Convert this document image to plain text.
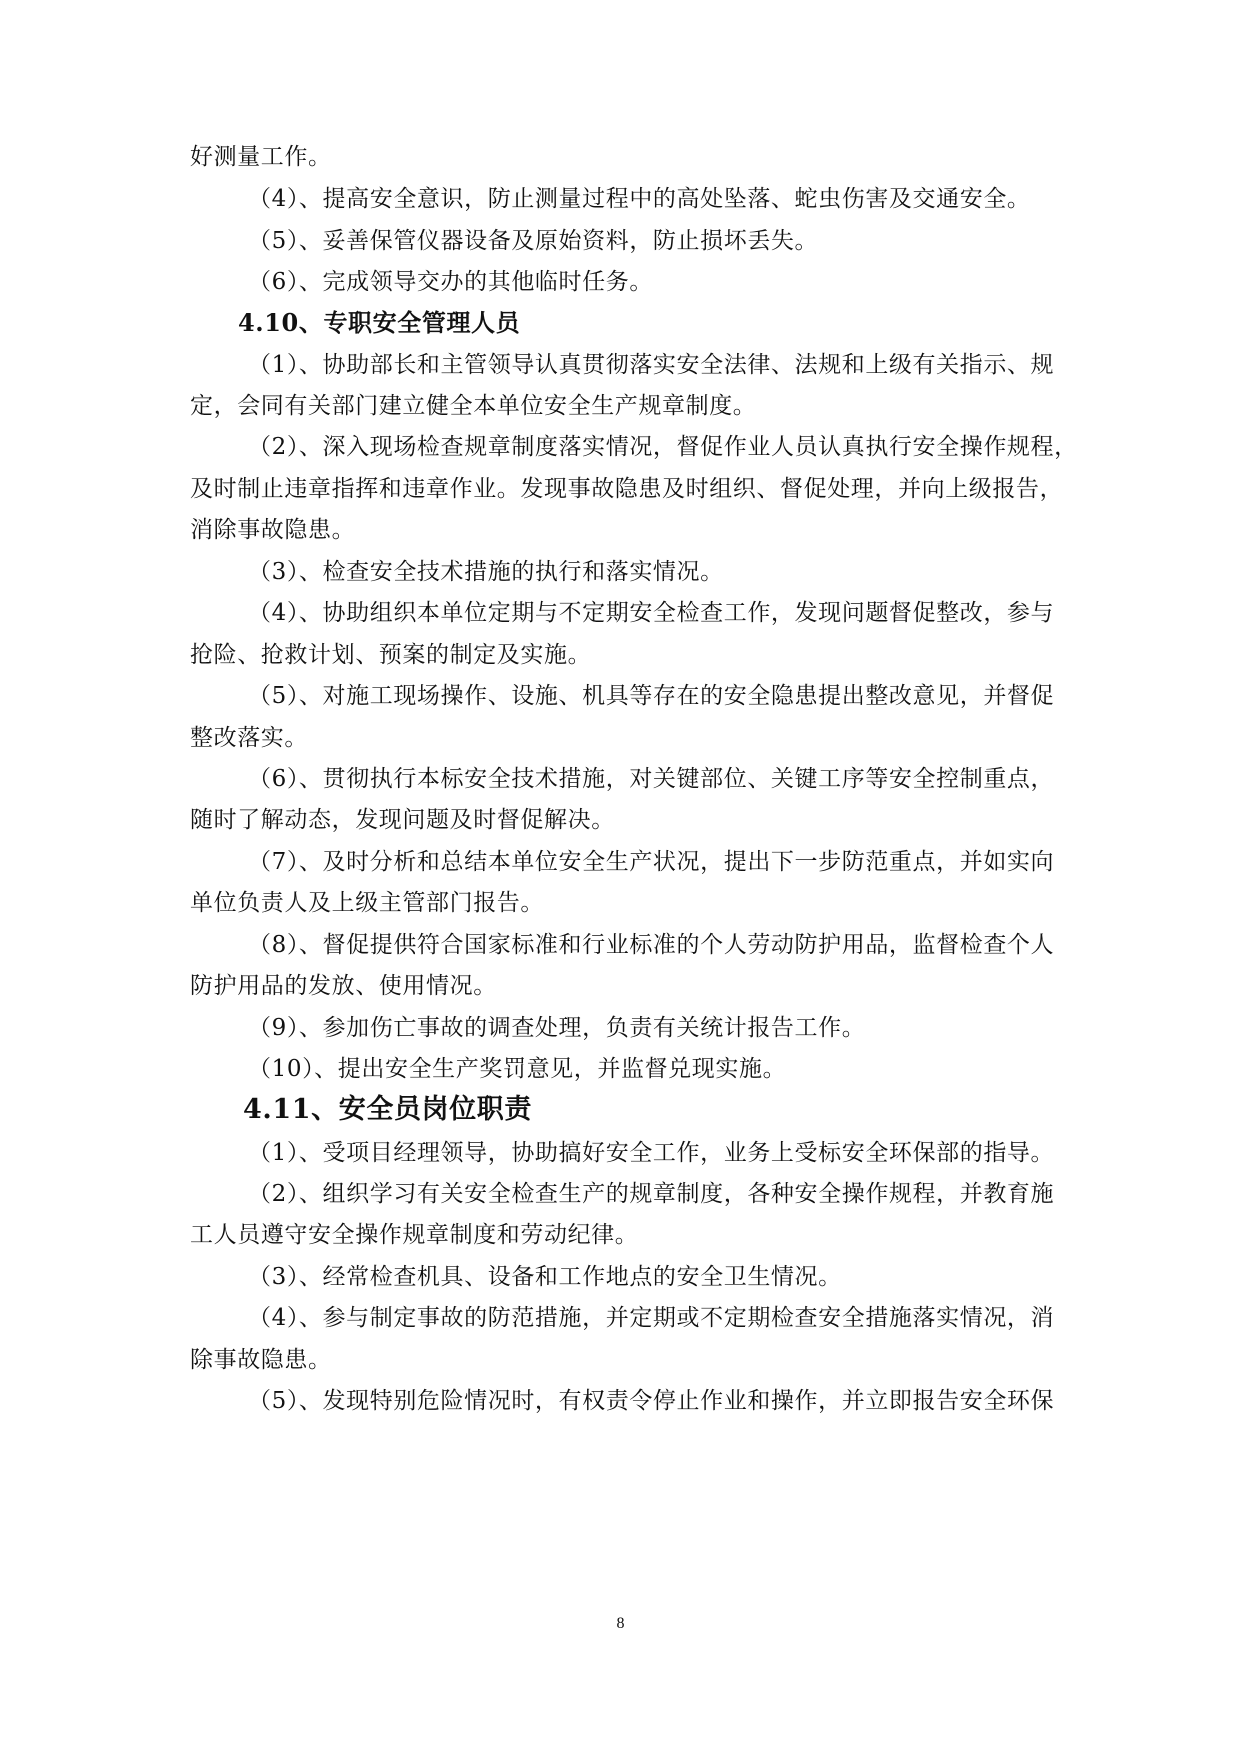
好测量工作。
（4）、提高安全意识，防止测量过程中的高处坠落、蛇虫伤害及交通安全。
（5）、妥善保管仪器设备及原始资料，防止损坏丢失。
（6）、完成领导交办的其他临时任务。
4.10、专职安全管理人员
（1）、协助部长和主管领导认真贯彻落实安全法律、法规和上级有关指示、规
定，会同有关部门建立健全本单位安全生产规章制度。
（2）、深入现场检查规章制度落实情况，督促作业人员认真执行安全操作规程，
及时制止违章指挥和违章作业。发现事故隐患及时组织、督促处理，并向上级报告，
消除事故隐患。
（3）、检查安全技术措施的执行和落实情况。
（4）、协助组织本单位定期与不定期安全检查工作，发现问题督促整改，参与
抢险、抢救计划、预案的制定及实施。
（5）、对施工现场操作、设施、机具等存在的安全隐患提出整改意见，并督促
整改落实。
（6）、贯彻执行本标安全技术措施，对关键部位、关键工序等安全控制重点，
随时了解动态，发现问题及时督促解决。
（7）、及时分析和总结本单位安全生产状况，提出下一步防范重点，并如实向
单位负责人及上级主管部门报告。
（8）、督促提供符合国家标准和行业标准的个人劳动防护用品，监督检查个人
防护用品的发放、使用情况。
（9）、参加伤亡事故的调查处理，负责有关统计报告工作。
（10）、提出安全生产奖罚意见，并监督兑现实施。
4.11、安全员岗位职责
（1）、受项目经理领导，协助搞好安全工作，业务上受标安全环保部的指导。
（2）、组织学习有关安全检查生产的规章制度，各种安全操作规程，并教育施
工人员遵守安全操作规章制度和劳动纪律。
（3）、经常检查机具、设备和工作地点的安全卫生情况。
（4）、参与制定事故的防范措施，并定期或不定期检查安全措施落实情况，消
除事故隐患。
（5）、发现特别危险情况时，有权责令停止作业和操作，并立即报告安全环保
8
